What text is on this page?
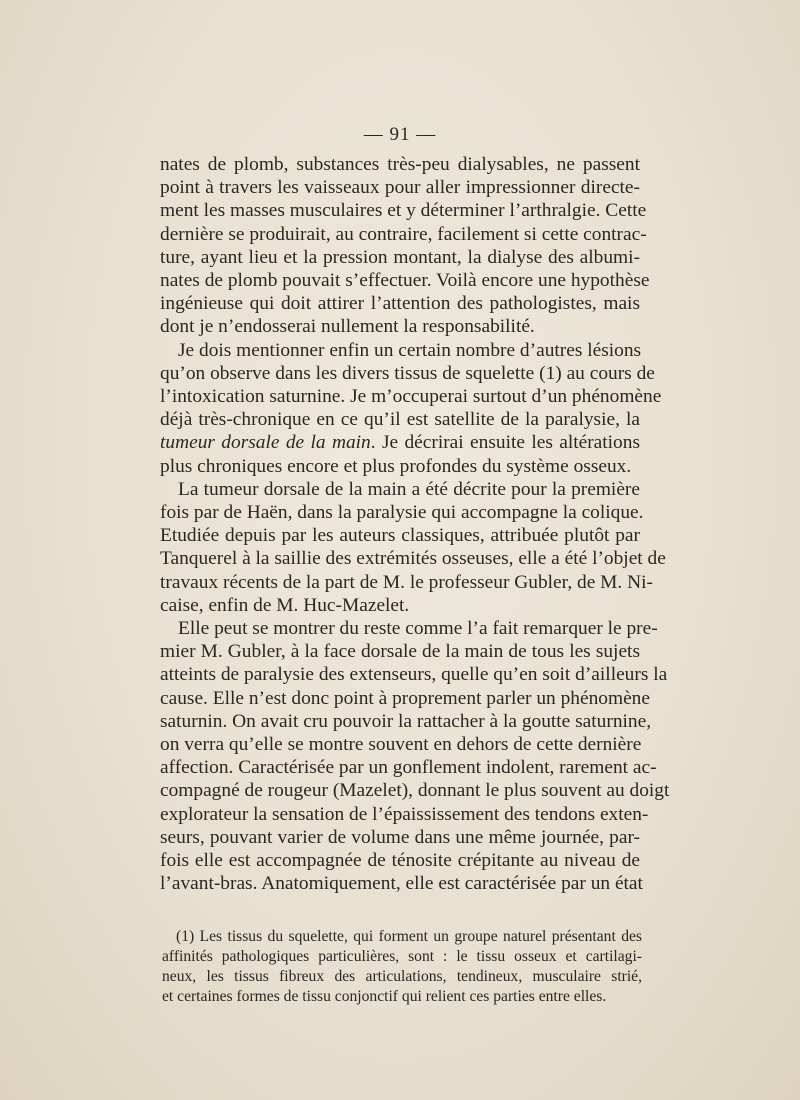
— 91 —
nates de plomb, substances très-peu dialysables, ne passent
point à travers les vaisseaux pour aller impressionner directe-
ment les masses musculaires et y déterminer l’arthralgie. Cette
dernière se produirait, au contraire, facilement si cette contrac-
ture, ayant lieu et la pression montant, la dialyse des albumi-
nates de plomb pouvait s’effectuer. Voilà encore une hypothèse
ingénieuse qui doit attirer l’attention des pathologistes, mais
dont je n’endosserai nullement la responsabilité.
Je dois mentionner enfin un certain nombre d’autres lésions
qu’on observe dans les divers tissus de squelette (1) au cours de
l’intoxication saturnine. Je m’occuperai surtout d’un phénomène
déjà très-chronique en ce qu’il est satellite de la paralysie, la
tumeur dorsale de la main. Je décrirai ensuite les altérations
plus chroniques encore et plus profondes du système osseux.
La tumeur dorsale de la main a été décrite pour la première
fois par de Haën, dans la paralysie qui accompagne la colique.
Etudiée depuis par les auteurs classiques, attribuée plutôt par
Tanquerel à la saillie des extrémités osseuses, elle a été l’objet de
travaux récents de la part de M. le professeur Gubler, de M. Ni-
caise, enfin de M. Huc-Mazelet.
Elle peut se montrer du reste comme l’a fait remarquer le pre-
mier M. Gubler, à la face dorsale de la main de tous les sujets
atteints de paralysie des extenseurs, quelle qu’en soit d’ailleurs la
cause. Elle n’est donc point à proprement parler un phénomène
saturnin. On avait cru pouvoir la rattacher à la goutte saturnine,
on verra qu’elle se montre souvent en dehors de cette dernière
affection. Caractérisée par un gonflement indolent, rarement ac-
compagné de rougeur (Mazelet), donnant le plus souvent au doigt
explorateur la sensation de l’épaississement des tendons exten-
seurs, pouvant varier de volume dans une même journée, par-
fois elle est accompagnée de ténosite crépitante au niveau de
l’avant-bras. Anatomiquement, elle est caractérisée par un état
(1) Les tissus du squelette, qui forment un groupe naturel présentant des
affinités pathologiques particulières, sont : le tissu osseux et cartilagi-
neux, les tissus fibreux des articulations, tendineux, musculaire strié,
et certaines formes de tissu conjonctif qui relient ces parties entre elles.
